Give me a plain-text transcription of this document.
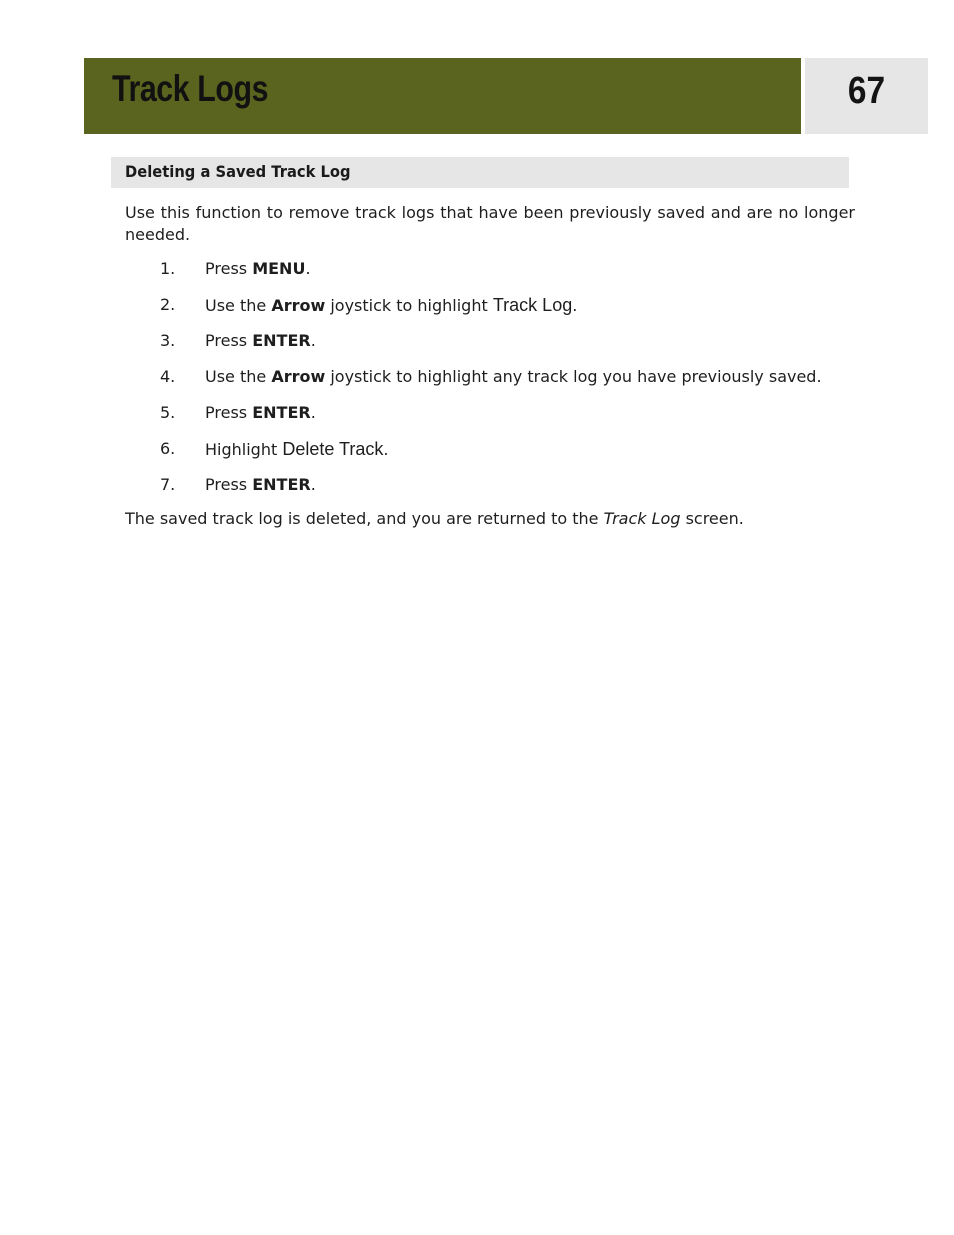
Track Logs	67
Deleting a Saved Track Log

Use this function to remove track logs that have been previously saved and are no longer needed.

1. Press MENU.
2. Use the Arrow joystick to highlight Track Log.
3. Press ENTER.
4. Use the Arrow joystick to highlight any track log you have previously saved.
5. Press ENTER.
6. Highlight Delete Track.
7. Press ENTER.

The saved track log is deleted, and you are returned to the Track Log screen.
